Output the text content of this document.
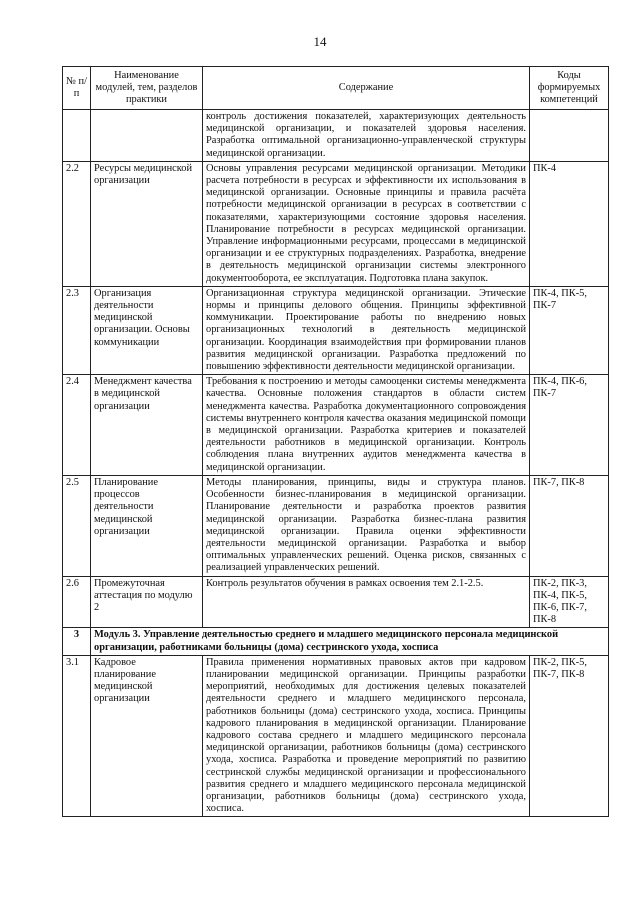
14
№ п/п	Наименование модулей, тем, разделов практики	Содержание	Коды формируемых компетенций
		контроль достижения показателей, характеризующих деятельность медицинской организации, и показателей здоровья населения. Разработка оптимальной организационно-управленческой структуры медицинской организации.	
2.2	Ресурсы медицинской организации	Основы управления ресурсами медицинской организации. Методики расчета потребности в ресурсах и эффективности их использования в медицинской организации. Основные принципы и правила расчёта потребности медицинской организации в ресурсах в соответствии с показателями, характеризующими состояние здоровья населения. Планирование потребности в ресурсах медицинской организации. Управление информационными ресурсами, процессами в медицинской организации и ее структурных подразделениях. Разработка, внедрение в деятельность медицинской организации системы электронного документооборота, ее эксплуатация. Подготовка плана закупок.	ПК-4
2.3	Организация деятельности медицинской организации. Основы коммуникации	Организационная структура медицинской организации. Этические нормы и принципы делового общения. Принципы эффективной коммуникации. Проектирование работы по внедрению новых организационных технологий в деятельность медицинской организации. Координация взаимодействия при формировании планов развития медицинской организации. Разработка предложений по повышению эффективности деятельности медицинской организации.	ПК-4, ПК-5, ПК-7
2.4	Менеджмент качества в медицинской организации	Требования к построению и методы самооценки системы менеджмента качества. Основные положения стандартов в области систем менеджмента качества. Разработка документационного сопровождения системы внутреннего контроля качества оказания медицинской помощи в медицинской организации. Разработка критериев и показателей деятельности работников в медицинской организации. Контроль соблюдения плана внутренних аудитов менеджмента качества в медицинской организации.	ПК-4, ПК-6, ПК-7
2.5	Планирование процессов деятельности медицинской организации	Методы планирования, принципы, виды и структура планов. Особенности бизнес-планирования в медицинской организации. Планирование деятельности и разработка проектов развития медицинской организации. Разработка бизнес-плана развития медицинской организации. Правила оценки эффективности деятельности медицинской организации. Разработка и выбор оптимальных управленческих решений. Оценка рисков, связанных с реализацией управленческих решений.	ПК-7, ПК-8
2.6	Промежуточная аттестация по модулю 2	Контроль результатов обучения в рамках освоения тем 2.1-2.5.	ПК-2, ПК-3, ПК-4, ПК-5, ПК-6, ПК-7, ПК-8
3	Модуль 3. Управление деятельностью среднего и младшего медицинского персонала медицинской организации, работниками больницы (дома) сестринского ухода, хосписа		
3.1	Кадровое планирование медицинской организации	Правила применения нормативных правовых актов при кадровом планировании медицинской организации. Принципы разработки мероприятий, необходимых для достижения целевых показателей деятельности среднего и младшего медицинского персонала, работников больницы (дома) сестринского ухода, хосписа. Принципы кадрового планирования в медицинской организации. Планирование кадрового состава среднего и младшего медицинского персонала медицинской организации, работников больницы (дома) сестринского ухода, хосписа. Разработка и проведение мероприятий по развитию сестринской службы медицинской организации и профессионального развития среднего и младшего медицинского персонала медицинской организации, работников больницы (дома) сестринского ухода, хосписа.	ПК-2, ПК-5, ПК-7, ПК-8
